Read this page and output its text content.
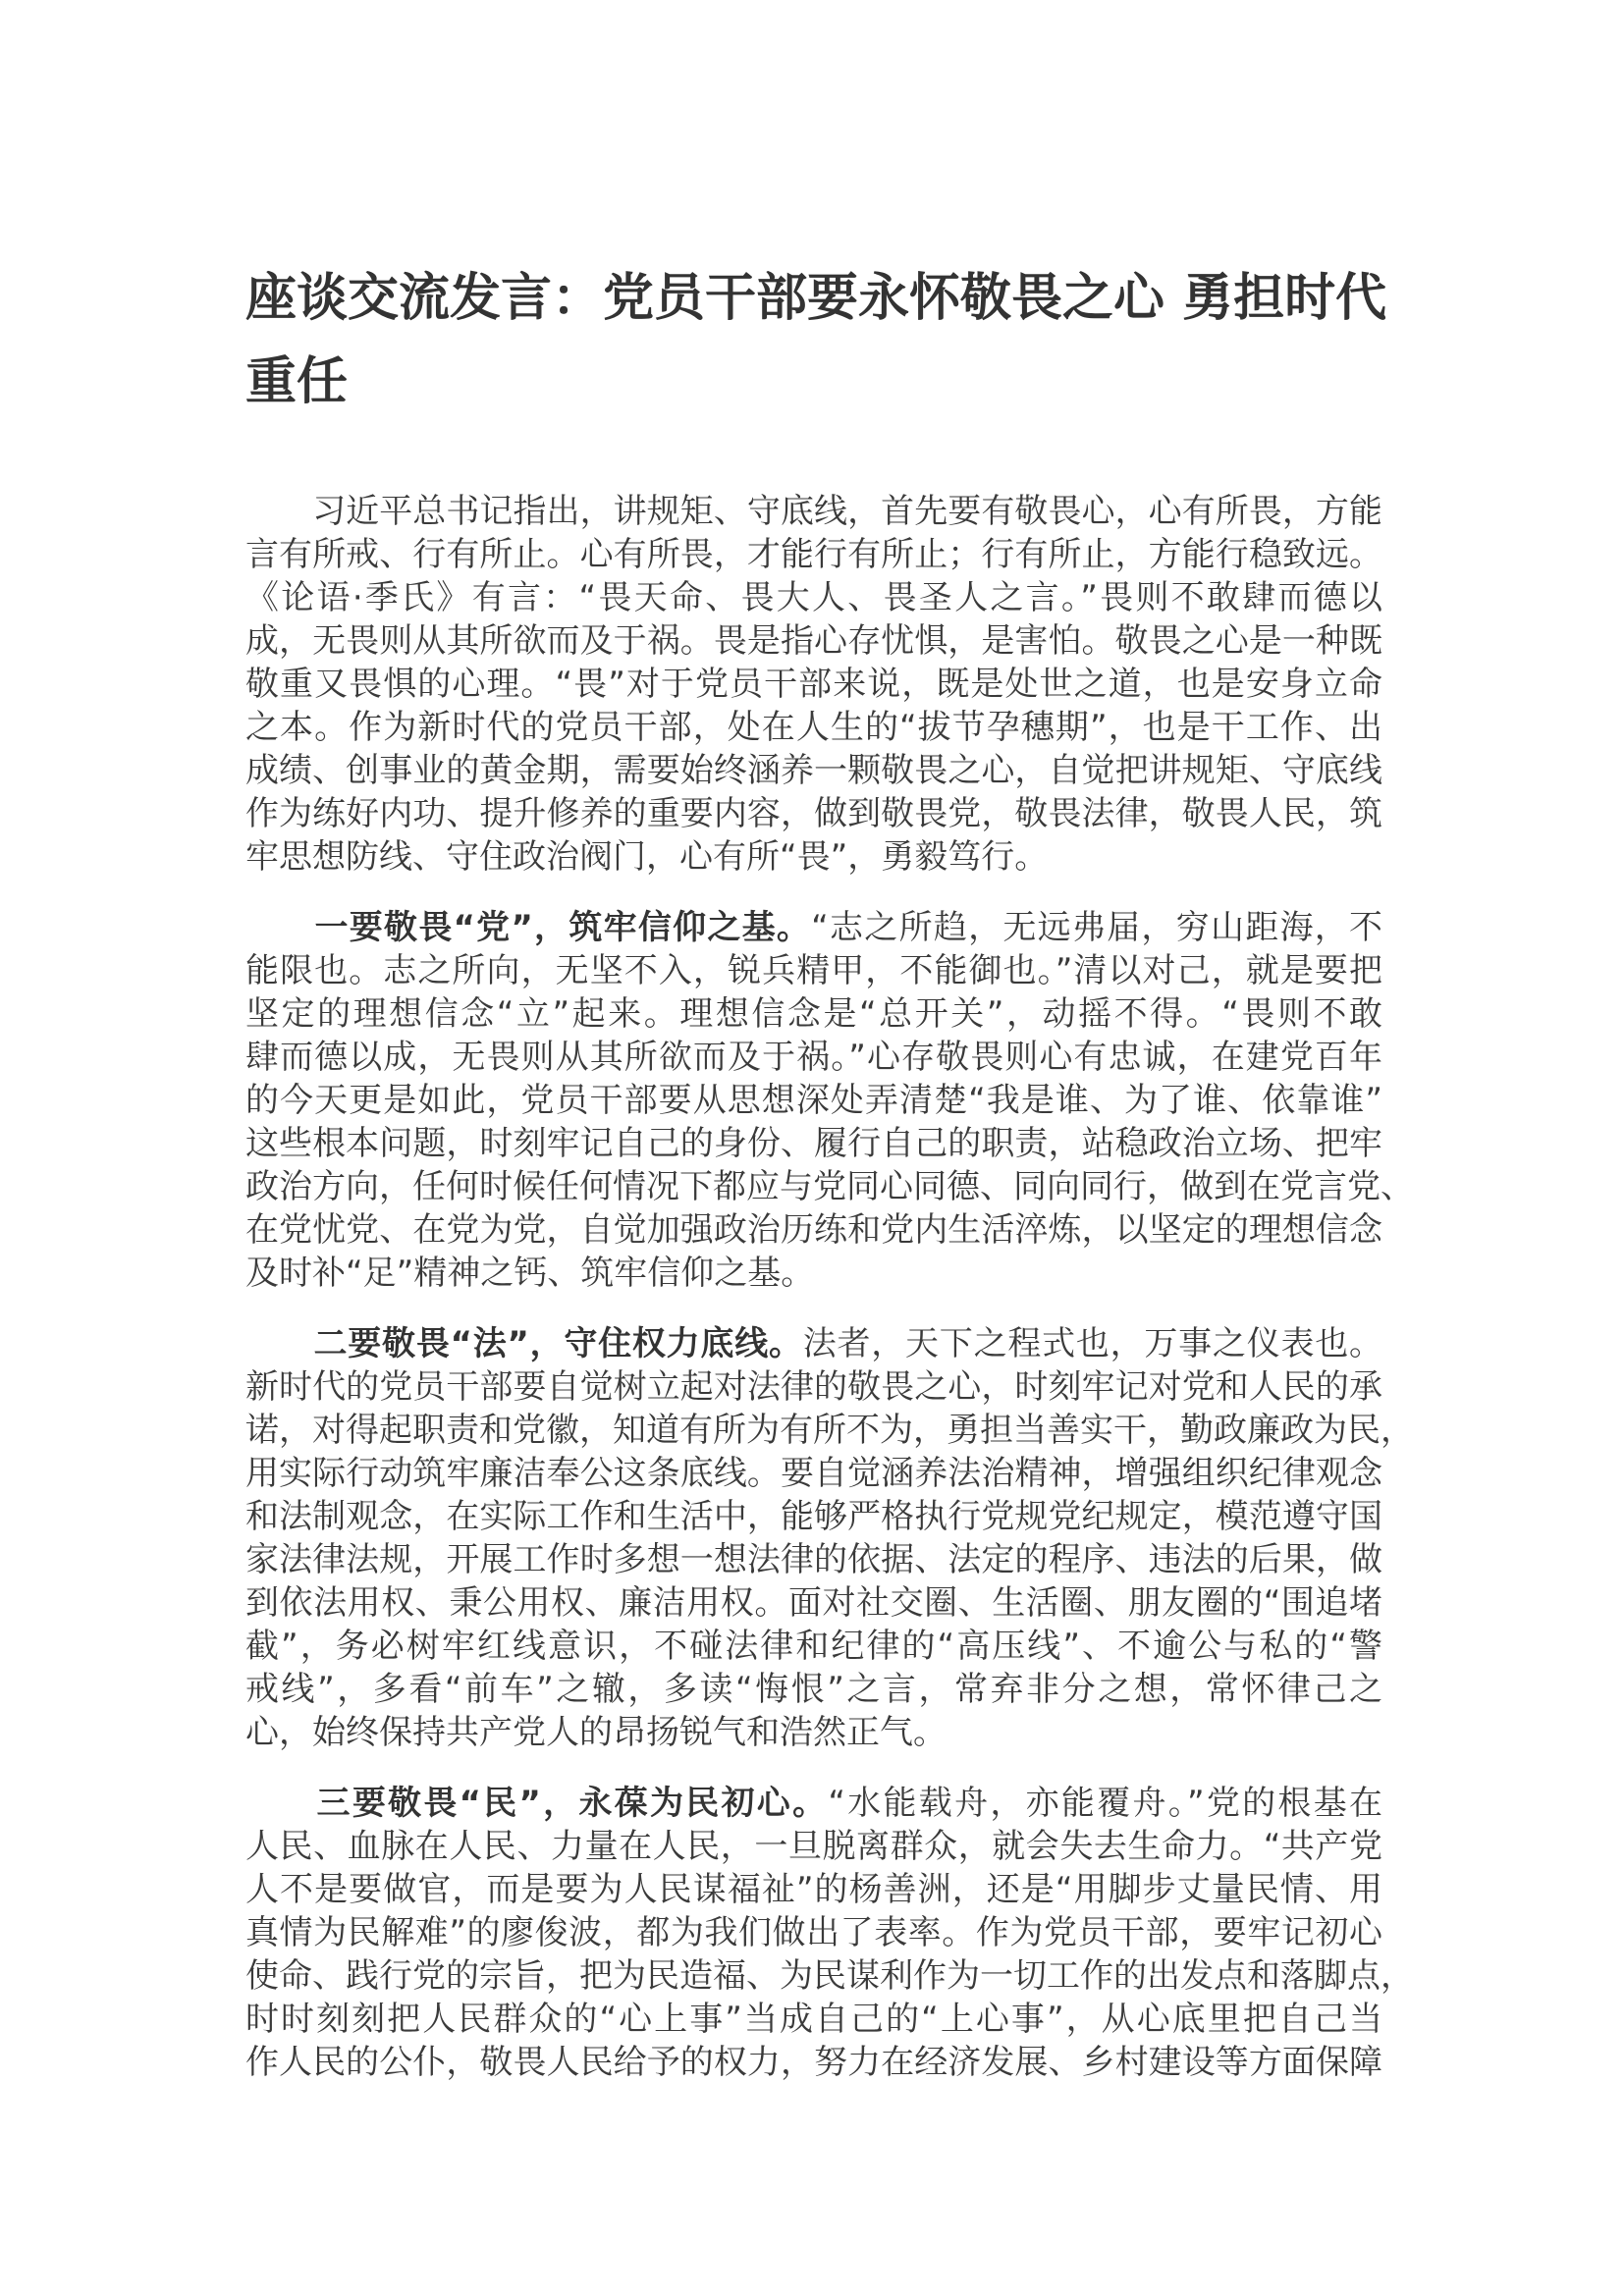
座谈交流发言：党员干部要永怀敬畏之心 勇担时代
重任
　　习近平总书记指出，讲规矩、守底线，首先要有敬畏心，心有所畏，方能
言有所戒、行有所止。心有所畏，才能行有所止；行有所止，方能行稳致远。
《论语·季氏》有言：“畏天命、畏大人、畏圣人之言。”畏则不敢肆而德以
成，无畏则从其所欲而及于祸。畏是指心存忧惧，是害怕。敬畏之心是一种既
敬重又畏惧的心理。“畏”对于党员干部来说，既是处世之道，也是安身立命
之本。作为新时代的党员干部，处在人生的“拔节孕穗期”，也是干工作、出
成绩、创事业的黄金期，需要始终涵养一颗敬畏之心，自觉把讲规矩、守底线
作为练好内功、提升修养的重要内容，做到敬畏党，敬畏法律，敬畏人民，筑
牢思想防线、守住政治阀门，心有所“畏”，勇毅笃行。
　　一要敬畏“党”，筑牢信仰之基。“志之所趋，无远弗届，穷山距海，不
能限也。志之所向，无坚不入，锐兵精甲，不能御也。”清以对己，就是要把
坚定的理想信念“立”起来。理想信念是“总开关”，动摇不得。“畏则不敢
肆而德以成，无畏则从其所欲而及于祸。”心存敬畏则心有忠诚，在建党百年
的今天更是如此，党员干部要从思想深处弄清楚“我是谁、为了谁、依靠谁”
这些根本问题，时刻牢记自己的身份、履行自己的职责，站稳政治立场、把牢
政治方向，任何时候任何情况下都应与党同心同德、同向同行，做到在党言党、
在党忧党、在党为党，自觉加强政治历练和党内生活淬炼，以坚定的理想信念
及时补“足”精神之钙、筑牢信仰之基。
　　二要敬畏“法”，守住权力底线。法者，天下之程式也，万事之仪表也。
新时代的党员干部要自觉树立起对法律的敬畏之心，时刻牢记对党和人民的承
诺，对得起职责和党徽，知道有所为有所不为，勇担当善实干，勤政廉政为民，
用实际行动筑牢廉洁奉公这条底线。要自觉涵养法治精神，增强组织纪律观念
和法制观念，在实际工作和生活中，能够严格执行党规党纪规定，模范遵守国
家法律法规，开展工作时多想一想法律的依据、法定的程序、违法的后果，做
到依法用权、秉公用权、廉洁用权。面对社交圈、生活圈、朋友圈的“围追堵
截”，务必树牢红线意识，不碰法律和纪律的“高压线”、不逾公与私的“警
戒线”，多看“前车”之辙，多读“悔恨”之言，常弃非分之想，常怀律己之
心，始终保持共产党人的昂扬锐气和浩然正气。
　　三要敬畏“民”，永葆为民初心。“水能载舟，亦能覆舟。”党的根基在
人民、血脉在人民、力量在人民，一旦脱离群众，就会失去生命力。“共产党
人不是要做官，而是要为人民谋福祉”的杨善洲，还是“用脚步丈量民情、用
真情为民解难”的廖俊波，都为我们做出了表率。作为党员干部，要牢记初心
使命、践行党的宗旨，把为民造福、为民谋利作为一切工作的出发点和落脚点，
时时刻刻把人民群众的“心上事”当成自己的“上心事”，从心底里把自己当
作人民的公仆，敬畏人民给予的权力，努力在经济发展、乡村建设等方面保障
